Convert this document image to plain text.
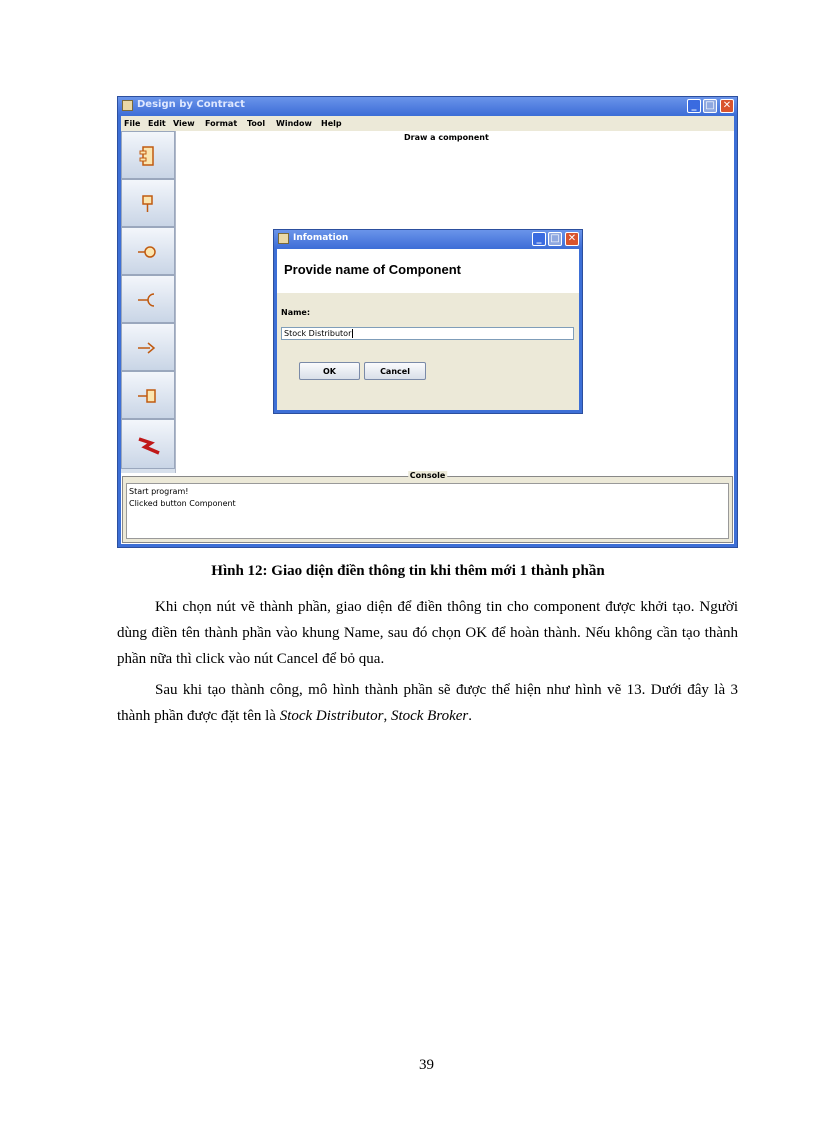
Design by Contract	_ □ ✕
File Edit View Format Tool Window Help
Draw a component
Infomation	_ □ ✕
Provide name of Component
Name:
Stock Distributor
OK	Cancel
Console
Start program!
Clicked button Component
Hình 12: Giao diện điền thông tin khi thêm mới 1 thành phần
Khi chọn nút vẽ thành phần, giao diện để điền thông tin cho component được khởi tạo. Người dùng điền tên thành phần vào khung Name, sau đó chọn OK để hoàn thành. Nếu không cần tạo thành phần nữa thì click vào nút Cancel để bỏ qua.
Sau khi tạo thành công, mô hình thành phần sẽ được thể hiện như hình vẽ 13. Dưới đây là 3 thành phần được đặt tên là Stock Distributor, Stock Broker.
39
